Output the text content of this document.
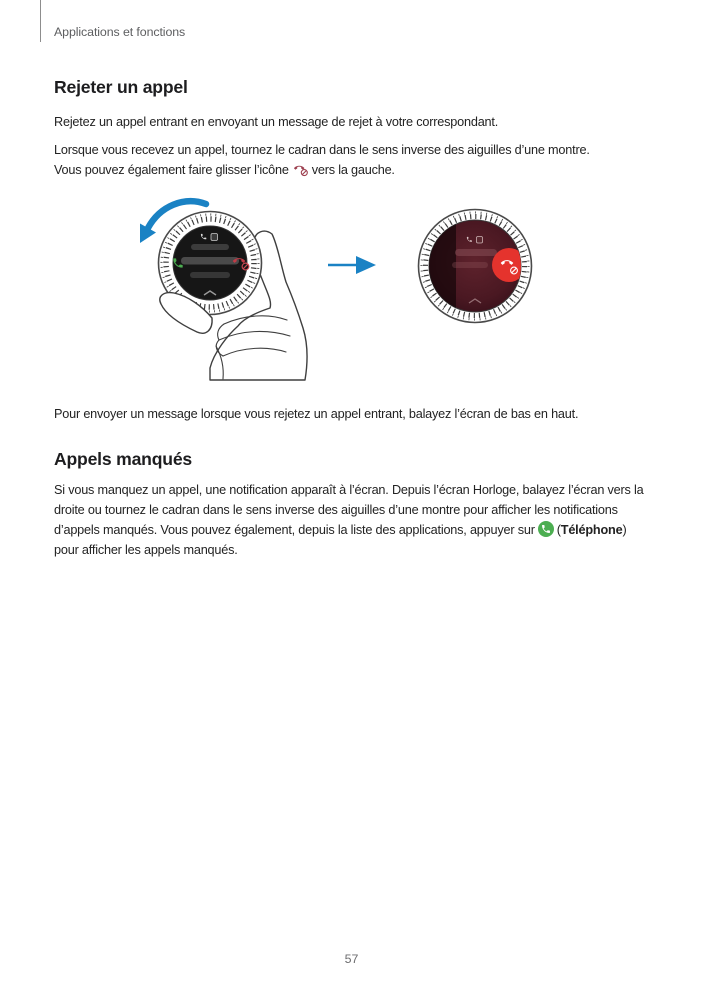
Applications et fonctions
Rejeter un appel

Rejetez un appel entrant en envoyant un message de rejet à votre correspondant.

Lorsque vous recevez un appel, tournez le cadran dans le sens inverse des aiguilles d’une montre.
Vous pouvez également faire glisser l’icône vers la gauche.

Pour envoyer un message lorsque vous rejetez un appel entrant, balayez l’écran de bas en haut.

Appels manqués

Si vous manquez un appel, une notification apparaît à l’écran. Depuis l’écran Horloge, balayez l’écran vers la droite ou tournez le cadran dans le sens inverse des aiguilles d’une montre pour afficher les notifications d’appels manqués. Vous pouvez également, depuis la liste des applications, appuyer sur (Téléphone) pour afficher les appels manqués.

57
